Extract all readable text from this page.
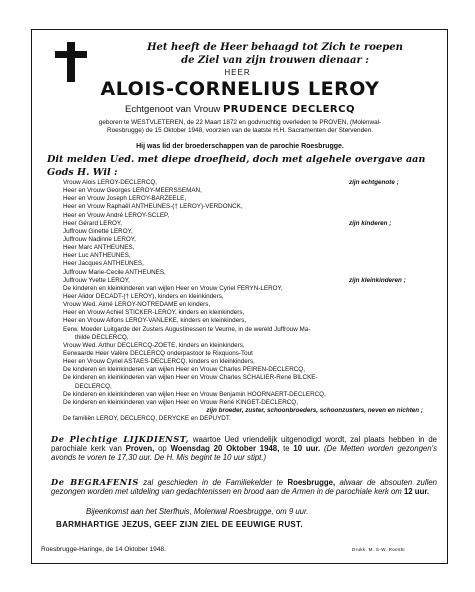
Het heeft de Heer behaagd tot Zich te roepen
de Ziel van zijn trouwen dienaar :
HEER
ALOIS-CORNELIUS LEROY
Echtgenoot van Vrouw PRUDENCE DECLERCQ
geboren te WESTVLETEREN, de 22 Maart 1872 en godvruchtig overleden te PROVEN, (Molenwal-
Roesbrugge) de 15 Oktober 1948, voorzien van de laatste H.H. Sacramenten der Stervenden.
Hij was lid der broederschappen van de parochie Roesbrugge.
Dit melden Ued. met diepe droefheid, doch met algehele overgave aan
Gods H. Wil :
Vrouw Alois LEROY-DECLERCQ,	zijn echtgenote ;
Heer en Vrouw Georges LEROY-MEERSSEMAN,
Heer en Vrouw Joseph LEROY-BARZEELE,
Heer en Vrouw Raphaël ANTHEUNES-(† LEROY)-VERDONCK,
Heer en Vrouw André LEROY-SCLEP,
Heer Gérard LEROY,	zijn kinderen ;
Juffrouw Ginette LEROY,
Juffrouw Nadinne LEROY,
Heer Marc ANTHEUNES,
Heer Luc ANTHEUNES,
Heer Jacques ANTHEUNES,
Juffrouw Marie-Cecile ANTHEUNES,
Juffrouw Yvette LEROY,	zijn kleinkinderen ;
De kinderen en kleinkinderen van wijlen Heer en Vrouw Cyriel FERYN-LEROY,
Heer Alidor DECADT-(† LEROY), kinders en kleinkinders,
Vrouw Wed. Aimé LEROY-NOTREDAME en kinders,
Heer en Vrouw Achiel STICKER-LEROY, kinders en kleinkinders,
Heer en Vrouw Alfons LEROY-VANLEKE, kinders en kleinkinders,
Eerw. Moeder Luitgarde der Zusters Augustinessen te Veurne, in de wereld Juffrouw Ma-
thilde DECLERCQ,
Vrouw Wed. Arthur DECLERCQ-ZOETE, kinders en kleinkinders,
Eerwaarde Heer Valère DECLERCQ onderpastoor te Rixquons-Tout
Heer en Vrouw Cyriel ASTAES-DECLERCQ, kinders en kleinkinders,
De kinderen en kleinkinderen van wijlen Heer en Vrouw Charles PEIREN-DECLERCQ,
De kinderen en kleinkinderen van wijlen Heer en Vrouw Charles SCHALIER-René BILCKE-
DECLERCQ,
De kinderen en kleinkinderen van wijlen Heer en Vrouw Benjamin HOORNAERT-DECLERCQ,
De kinderen en kleinkinderen van wijlen Heer en Vrouw René KINGET-DECLERCQ,
zijn broeder, zuster, schoonbroeders, schoonzusters, neven en nichten ;
De familiën LEROY, DECLERCQ, DERYCKE en DEPUYDT.
De Plechtige LIJKDIENST, waartoe Ued vriendelijk uitgenodigd wordt, zal plaats hebben in de parochiale kerk van Proven, op Woensdag 20 Oktober 1948, te 10 uur. (De Metten worden gezongen's avonds te voren te 17,30 uur. De H. Mis begint te 10 uur stipt.)
De BEGRAFENIS zal geschieden in de Familiekelder te Roesbrugge, alwaar de absouten zullen gezongen worden met uitdeling van gedachtenissen en brood aan de Armen in de parochiale kerk om 12 uur.
Bijeenkomst aan het Sterfhuis, Molenwal Roesbrugge, om 9 uur.
BARMHARTIGE JEZUS, GEEF ZIJN ZIEL DE EEUWIGE RUST.
Roesbrugge-Haringe, de 14 Oktober 1948.	Drukk. M. S-W. Roesbr
